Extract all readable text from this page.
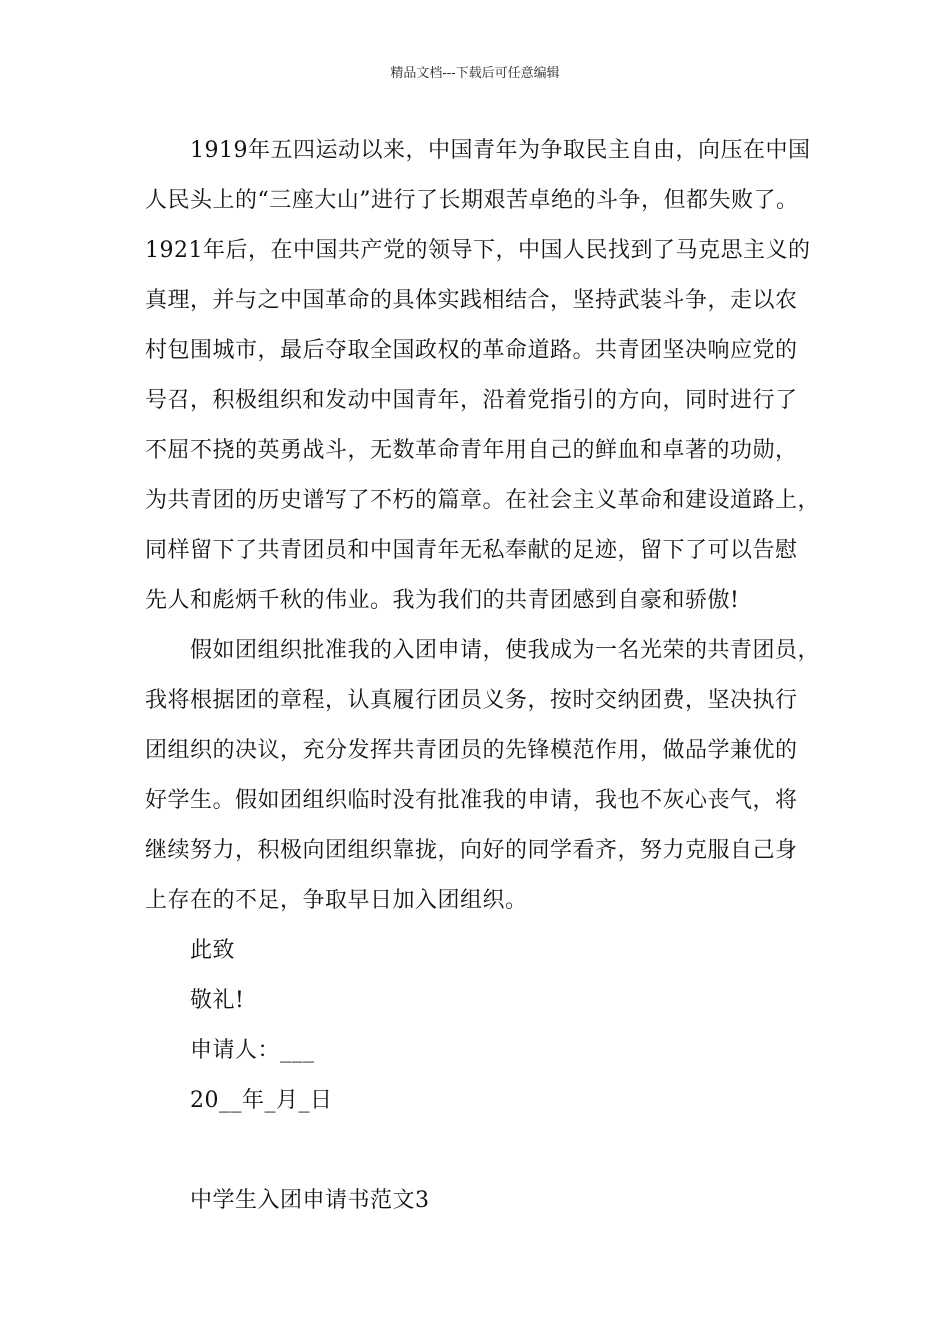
精品文档---下载后可任意编辑
1919年五四运动以来，中国青年为争取民主自由，向压在中国
人民头上的“三座大山”进行了长期艰苦卓绝的斗争，但都失败了。
1921年后，在中国共产党的领导下，中国人民找到了马克思主义的
真理，并与之中国革命的具体实践相结合，坚持武装斗争，走以农
村包围城市，最后夺取全国政权的革命道路。共青团坚决响应党的
号召，积极组织和发动中国青年，沿着党指引的方向，同时进行了
不屈不挠的英勇战斗，无数革命青年用自己的鲜血和卓著的功勋，
为共青团的历史谱写了不朽的篇章。在社会主义革命和建设道路上，
同样留下了共青团员和中国青年无私奉献的足迹，留下了可以告慰
先人和彪炳千秋的伟业。我为我们的共青团感到自豪和骄傲!
假如团组织批准我的入团申请，使我成为一名光荣的共青团员，
我将根据团的章程，认真履行团员义务，按时交纳团费，坚决执行
团组织的决议，充分发挥共青团员的先锋模范作用，做品学兼优的
好学生。假如团组织临时没有批准我的申请，我也不灰心丧气，将
继续努力，积极向团组织靠拢，向好的同学看齐，努力克服自己身
上存在的不足，争取早日加入团组织。
此致
敬礼!
申请人：___
20__年_月_日
中学生入团申请书范文3
